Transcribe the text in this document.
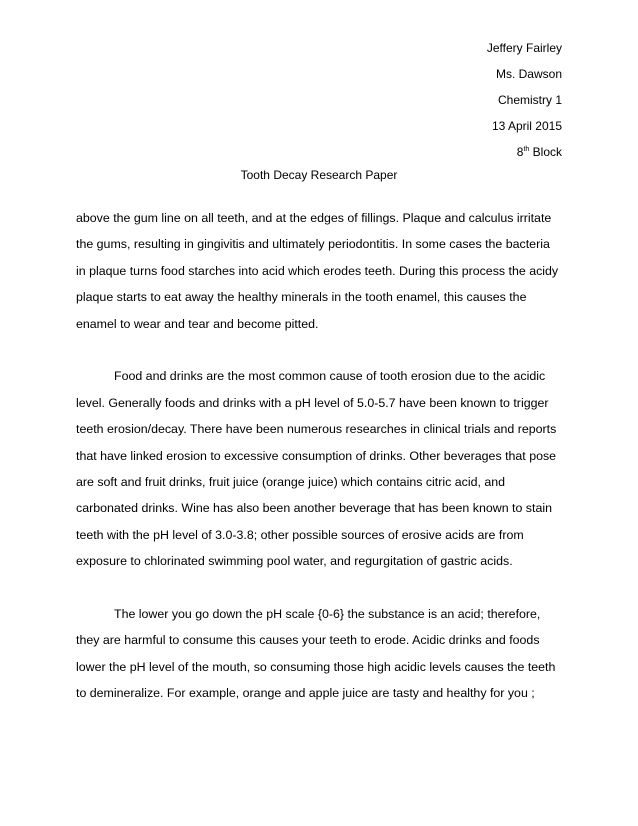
Jeffery Fairley
Ms. Dawson
Chemistry 1
13 April 2015
8th Block
Tooth Decay Research Paper

above the gum line on all teeth, and at the edges of fillings. Plaque and calculus irritate
the gums, resulting in gingivitis and ultimately periodontitis. In some cases the bacteria
in plaque turns food starches into acid which erodes teeth. During this process the acidy
plaque starts to eat away the healthy minerals in the tooth enamel, this causes the
enamel to wear and tear and become pitted.

Food and drinks are the most common cause of tooth erosion due to the acidic
level. Generally foods and drinks with a pH level of 5.0-5.7 have been known to trigger
teeth erosion/decay. There have been numerous researches in clinical trials and reports
that have linked erosion to excessive consumption of drinks. Other beverages that pose
are soft and fruit drinks, fruit juice (orange juice) which contains citric acid, and
carbonated drinks. Wine has also been another beverage that has been known to stain
teeth with the pH level of 3.0-3.8; other possible sources of erosive acids are from
exposure to chlorinated swimming pool water, and regurgitation of gastric acids.

The lower you go down the pH scale {0-6} the substance is an acid; therefore,
they are harmful to consume this causes your teeth to erode. Acidic drinks and foods
lower the pH level of the mouth, so consuming those high acidic levels causes the teeth
to demineralize. For example, orange and apple juice are tasty and healthy for you ;
